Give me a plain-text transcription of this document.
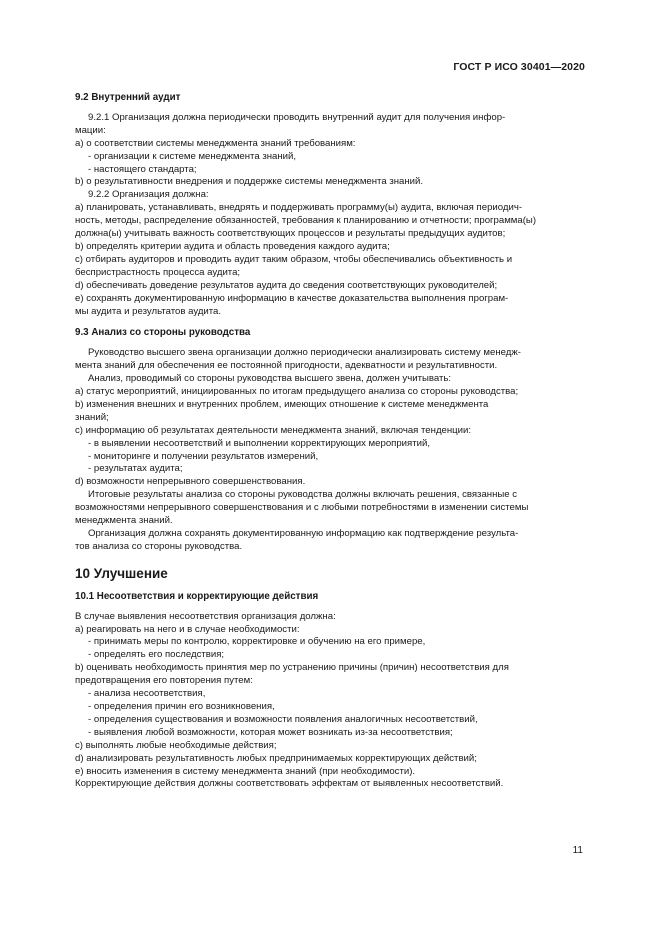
ГОСТ Р ИСО 30401—2020
9.2 Внутренний аудит
9.2.1 Организация должна периодически проводить внутренний аудит для получения инфор-
мации:
a) о соответствии системы менеджмента знаний требованиям:
- организации к системе менеджмента знаний,
- настоящего стандарта;
b) о результативности внедрения и поддержке системы менеджмента знаний.
9.2.2 Организация должна:
a) планировать, устанавливать, внедрять и поддерживать программу(ы) аудита, включая периодич-
ность, методы, распределение обязанностей, требования к планированию и отчетности; программа(ы)
должна(ы) учитывать важность соответствующих процессов и результаты предыдущих аудитов;
b) определять критерии аудита и область проведения каждого аудита;
c) отбирать аудиторов и проводить аудит таким образом, чтобы обеспечивались объективность и
беспристрастность процесса аудита;
d) обеспечивать доведение результатов аудита до сведения соответствующих руководителей;
e) сохранять документированную информацию в качестве доказательства выполнения програм-
мы аудита и результатов аудита.
9.3 Анализ со стороны руководства
Руководство высшего звена организации должно периодически анализировать систему менедж-
мента знаний для обеспечения ее постоянной пригодности, адекватности и результативности.
Анализ, проводимый со стороны руководства высшего звена, должен учитывать:
a) статус мероприятий, инициированных по итогам предыдущего анализа со стороны руководства;
b) изменения внешних и внутренних проблем, имеющих отношение к системе менеджмента
знаний;
c) информацию об результатах деятельности менеджмента знаний, включая тенденции:
- в выявлении несоответствий и выполнении корректирующих мероприятий,
- мониторинге и получении результатов измерений,
- результатах аудита;
d) возможности непрерывного совершенствования.
Итоговые результаты анализа со стороны руководства должны включать решения, связанные с
возможностями непрерывного совершенствования и с любыми потребностями в изменении системы
менеджмента знаний.
Организация должна сохранять документированную информацию как подтверждение результа-
тов анализа со стороны руководства.
10 Улучшение
10.1 Несоответствия и корректирующие действия
В случае выявления несоответствия организация должна:
a) реагировать на него и в случае необходимости:
- принимать меры по контролю, корректировке и обучению на его примере,
- определять его последствия;
b) оценивать необходимость принятия мер по устранению причины (причин) несоответствия для
предотвращения его повторения путем:
- анализа несоответствия,
- определения причин его возникновения,
- определения существования и возможности появления аналогичных несоответствий,
- выявления любой возможности, которая может возникать из-за несоответствия;
c) выполнять любые необходимые действия;
d) анализировать результативность любых предпринимаемых корректирующих действий;
e) вносить изменения в систему менеджмента знаний (при необходимости).
Корректирующие действия должны соответствовать эффектам от выявленных несоответствий.
11
